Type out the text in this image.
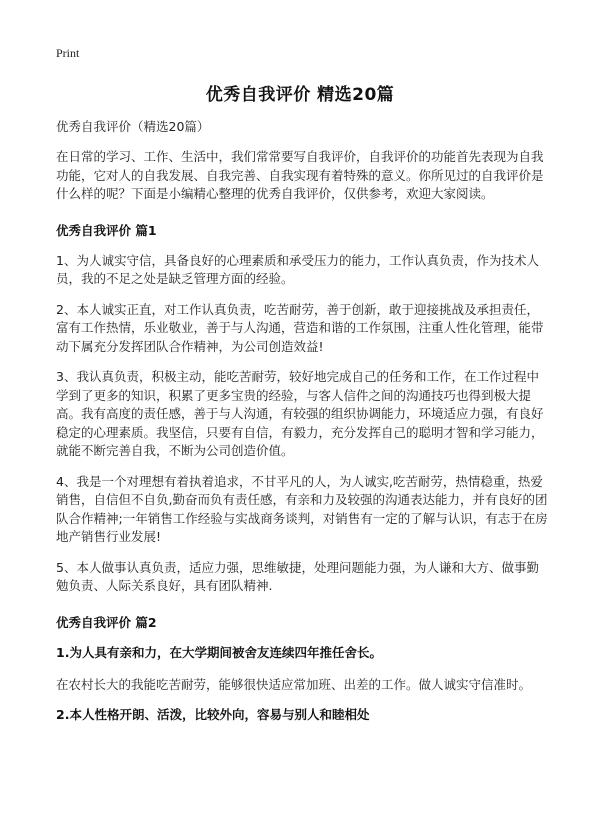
Print
优秀自我评价 精选20篇
优秀自我评价（精选20篇）

在日常的学习、工作、生活中，我们常常要写自我评价，自我评价的功能首先表现为自我功能，它对人的自我发展、自我完善、自我实现有着特殊的意义。你所见过的自我评价是什么样的呢？下面是小编精心整理的优秀自我评价，仅供参考，欢迎大家阅读。

优秀自我评价 篇1

1、为人诚实守信，具备良好的心理素质和承受压力的能力，工作认真负责，作为技术人员，我的不足之处是缺乏管理方面的经验。

2、本人诚实正直，对工作认真负责，吃苦耐劳，善于创新，敢于迎接挑战及承担责任，富有工作热情，乐业敬业，善于与人沟通，营造和谐的工作氛围，注重人性化管理，能带动下属充分发挥团队合作精神，为公司创造效益!

3、我认真负责，积极主动，能吃苦耐劳，较好地完成自己的任务和工作，在工作过程中学到了更多的知识，积累了更多宝贵的经验，与客人信件之间的沟通技巧也得到极大提高。我有高度的责任感，善于与人沟通，有较强的组织协调能力，环境适应力强，有良好稳定的心理素质。我坚信，只要有自信，有毅力，充分发挥自己的聪明才智和学习能力，就能不断完善自我，不断为公司创造价值。

4、我是一个对理想有着执着追求，不甘平凡的人，为人诚实,吃苦耐劳，热情稳重，热爱销售，自信但不自负,勤奋而负有责任感，有亲和力及较强的沟通表达能力，并有良好的团队合作精神;一年销售工作经验与实战商务谈判，对销售有一定的了解与认识，有志于在房地产销售行业发展!

5、本人做事认真负责，适应力强，思维敏捷，处理问题能力强，为人谦和大方、做事勤勉负责、人际关系良好，具有团队精神.

优秀自我评价 篇2
1.为人具有亲和力，在大学期间被舍友连续四年推任舍长。

在农村长大的我能吃苦耐劳，能够很快适应常加班、出差的工作。做人诚实守信准时。

2.本人性格开朗、活泼，比较外向，容易与别人和睦相处
